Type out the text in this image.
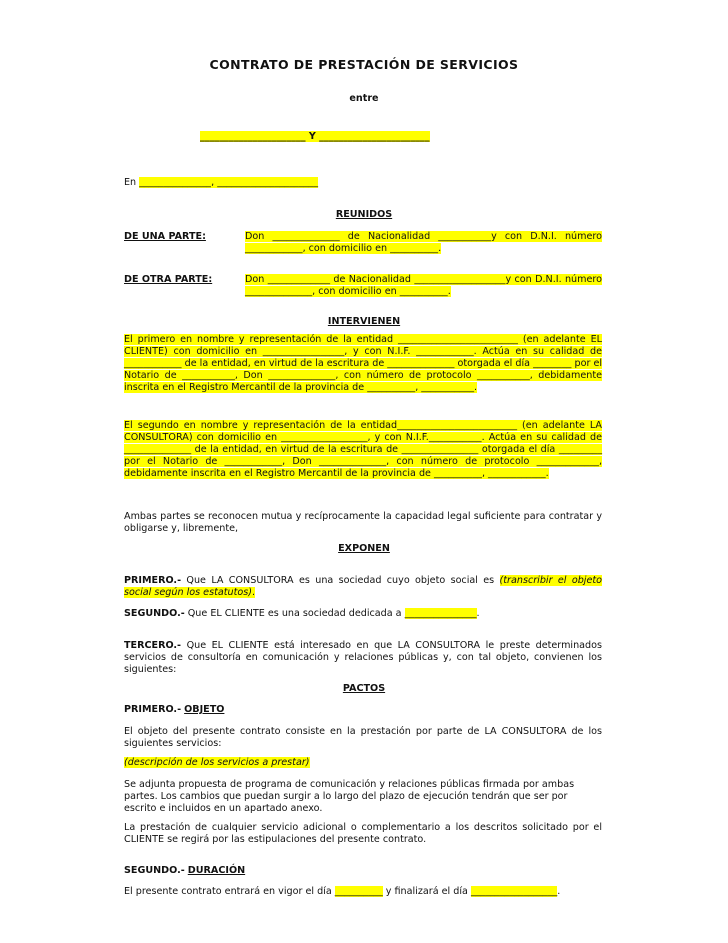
CONTRATO DE PRESTACIÓN DE SERVICIOS
entre
______________________ Y _______________________
En _______________, _____________________
REUNIDOS
DE UNA PARTE:	Don ______________ de Nacionalidad ___________y con D.N.I. número ____________, con domicilio en __________.
DE OTRA PARTE:	Don _____________ de Nacionalidad ___________________y con D.N.I. número ______________, con domicilio en __________.
INTERVIENEN
El primero en nombre y representación de la entidad _________________________ (en adelante EL CLIENTE) con domicilio en _________________, y con N.I.F. ____________. Actúa en su calidad de ____________ de la entidad, en virtud de la escritura de ______________ otorgada el día ________ por el Notario de ___________, Don ______________, con número de protocolo ___________, debidamente inscrita en el Registro Mercantil de la provincia de __________, ___________.
El segundo en nombre y representación de la entidad_________________________ (en adelante LA CONSULTORA) con domicilio en __________________, y con N.I.F.___________. Actúa en su calidad de ______________ de la entidad, en virtud de la escritura de ________________ otorgada el día _________ por el Notario de ____________, Don ______________, con número de protocolo _____________, debidamente inscrita en el Registro Mercantil de la provincia de __________, ____________.
Ambas partes se reconocen mutua y recíprocamente la capacidad legal suficiente para contratar y obligarse y, libremente,
EXPONEN
PRIMERO.- Que LA CONSULTORA es una sociedad cuyo objeto social es (transcribir el objeto social según los estatutos).
SEGUNDO.- Que EL CLIENTE es una sociedad dedicada a _______________.
TERCERO.- Que EL CLIENTE está interesado en que LA CONSULTORA le preste determinados servicios de consultoría en comunicación y relaciones públicas y, con tal objeto, convienen los siguientes:
PACTOS
PRIMERO.- OBJETO
El objeto del presente contrato consiste en la prestación por parte de LA CONSULTORA de los siguientes servicios:
(descripción de los servicios a prestar)
Se adjunta propuesta de programa de comunicación y relaciones públicas firmada por ambas partes. Los cambios que puedan surgir a lo largo del plazo de ejecución tendrán que ser por escrito e incluidos en un apartado anexo.
La prestación de cualquier servicio adicional o complementario a los descritos solicitado por el CLIENTE se regirá por las estipulaciones del presente contrato.
SEGUNDO.- DURACIÓN
El presente contrato entrará en vigor el día __________ y finalizará el día __________________.
